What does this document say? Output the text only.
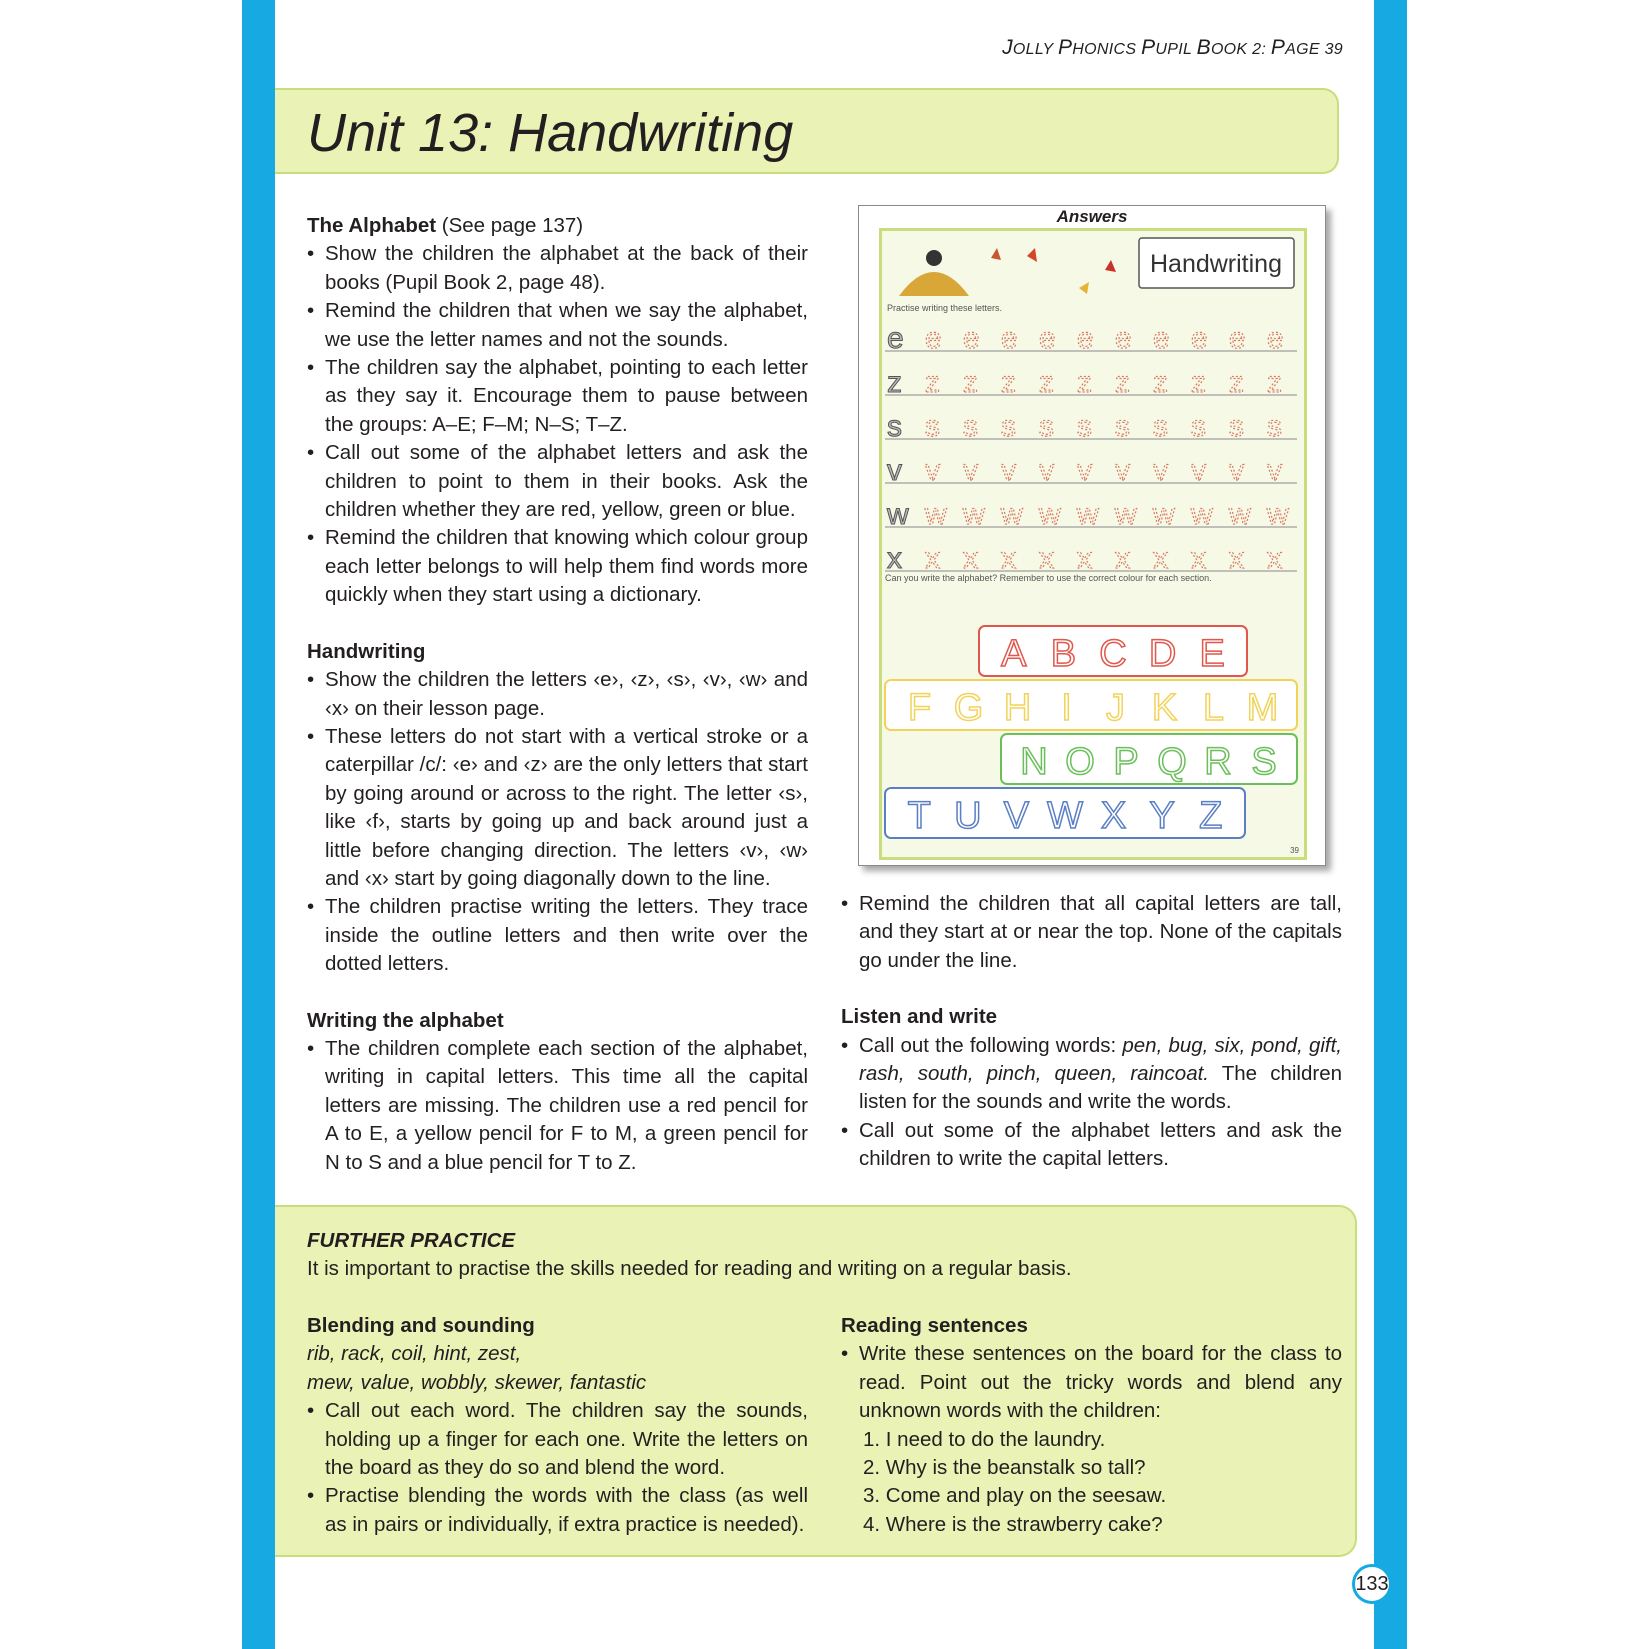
JOLLY PHONICS PUPIL BOOK 2: PAGE 39
Unit 13: Handwriting
The Alphabet (See page 137)
• Show the children the alphabet at the back of their books (Pupil Book 2, page 48).
• Remind the children that when we say the alphabet, we use the letter names and not the sounds.
• The children say the alphabet, pointing to each letter as they say it. Encourage them to pause between the groups: A–E; F–M; N–S; T–Z.
• Call out some of the alphabet letters and ask the children to point to them in their books. Ask the children whether they are red, yellow, green or blue.
• Remind the children that knowing which colour group each letter belongs to will help them find words more quickly when they start using a dictionary.
Handwriting
• Show the children the letters ‹e›, ‹z›, ‹s›, ‹v›, ‹w› and ‹x› on their lesson page.
• These letters do not start with a vertical stroke or a caterpillar /c/: ‹e› and ‹z› are the only letters that start by going around or across to the right. The letter ‹s›, like ‹f›, starts by going up and back around just a little before changing direction. The letters ‹v›, ‹w› and ‹x› start by going diagonally down to the line.
• The children practise writing the letters. They trace inside the outline letters and then write over the dotted letters.
Writing the alphabet
• The children complete each section of the alphabet, writing in capital letters. This time all the capital letters are missing. The children use a red pencil for A to E, a yellow pencil for F to M, a green pencil for N to S and a blue pencil for T to Z.
Answers
Handwriting
Practise writing these letters.
e e e e e e e e e e e
z z z z z z z z z z z
s s s s s s s s s s s
v v v v v v v v v v v
w w w w w w w w w w w
x x x x x x x x x x x
Can you write the alphabet? Remember to use the correct colour for each section.
A B C D E
F G H I J K L M
N O P Q R S
T U V W X Y Z
39
• Remind the children that all capital letters are tall, and they start at or near the top. None of the capitals go under the line.
Listen and write
• Call out the following words: pen, bug, six, pond, gift, rash, south, pinch, queen, raincoat. The children listen for the sounds and write the words.
• Call out some of the alphabet letters and ask the children to write the capital letters.
FURTHER PRACTICE

It is important to practise the skills needed for reading and writing on a regular basis.

Blending and sounding

rib, rack, coil, hint, zest,

mew, value, wobbly, skewer, fantastic

• Call out each word. The children say the sounds, holding up a finger for each one. Write the letters on the board as they do so and blend the word.
• Practise blending the words with the class (as well as in pairs or individually, if extra practice is needed).
Reading sentences
• Write these sentences on the board for the class to read. Point out the tricky words and blend any unknown words with the children:
1. I need to do the laundry.
2. Why is the beanstalk so tall?
3. Come and play on the seesaw.
4. Where is the strawberry cake?
133
